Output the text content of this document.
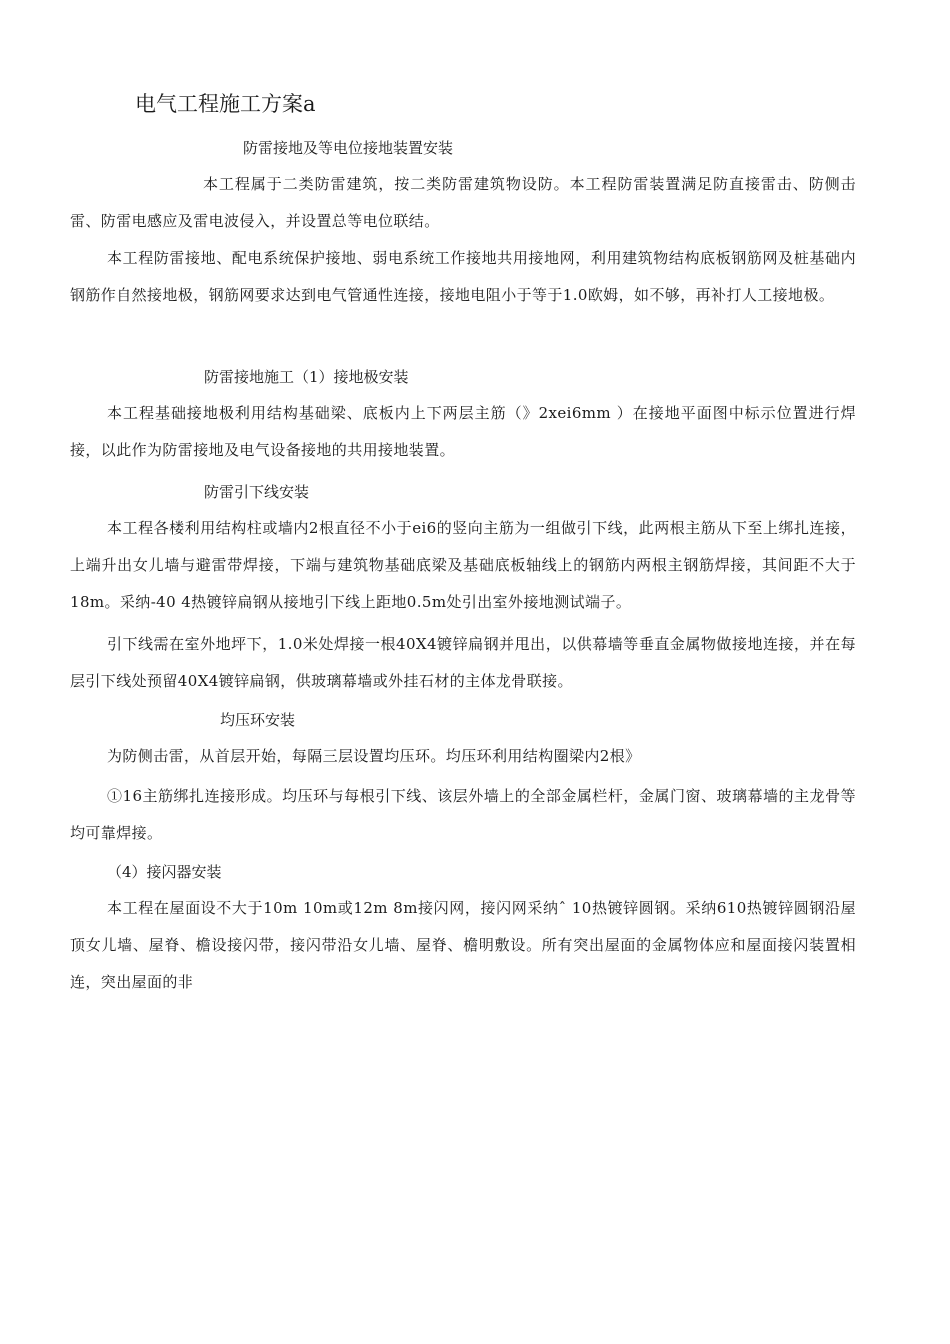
电气工程施工方案a
防雷接地及等电位接地装置安装
本工程属于二类防雷建筑，按二类防雷建筑物设防。本工程防雷装置满足防直接雷击、防侧击雷、防雷电感应及雷电波侵入，并设置总等电位联结。
本工程防雷接地、配电系统保护接地、弱电系统工作接地共用接地网，利用建筑物结构底板钢筋网及桩基础内钢筋作自然接地极，钢筋网要求达到电气管通性连接，接地电阻小于等于1.0欧姆，如不够，再补打人工接地极。
防雷接地施工（1）接地极安装
本工程基础接地极利用结构基础梁、底板内上下两层主筋（》2xei6mm ）在接地平面图中标示位置进行焊接，以此作为防雷接地及电气设备接地的共用接地装置。
防雷引下线安装
本工程各楼利用结构柱或墙内2根直径不小于ei6的竖向主筋为一组做引下线，此两根主筋从下至上绑扎连接，上端升出女儿墙与避雷带焊接，下端与建筑物基础底梁及基础底板轴线上的钢筋内两根主钢筋焊接，其间距不大于18m。采纳-40 4热镀锌扁钢从接地引下线上距地0.5m处引出室外接地测试端子。
引下线需在室外地坪下，1.0米处焊接一根40X4镀锌扁钢并甩出，以供幕墙等垂直金属物做接地连接，并在每层引下线处预留40X4镀锌扁钢，供玻璃幕墙或外挂石材的主体龙骨联接。
均压环安装
为防侧击雷，从首层开始，每隔三层设置均压环。均压环利用结构圈梁内2根》
①16主筋绑扎连接形成。均压环与每根引下线、该层外墙上的全部金属栏杆，金属门窗、玻璃幕墙的主龙骨等均可靠焊接。
（4）接闪器安装
本工程在屋面设不大于10m 10m或12m 8m接闪网，接闪网采纳ˆ 10热镀锌圆钢。采纳610热镀锌圆钢沿屋顶女儿墙、屋脊、檐设接闪带，接闪带沿女儿墙、屋脊、檐明敷设。所有突出屋面的金属物体应和屋面接闪装置相连，突出屋面的非
